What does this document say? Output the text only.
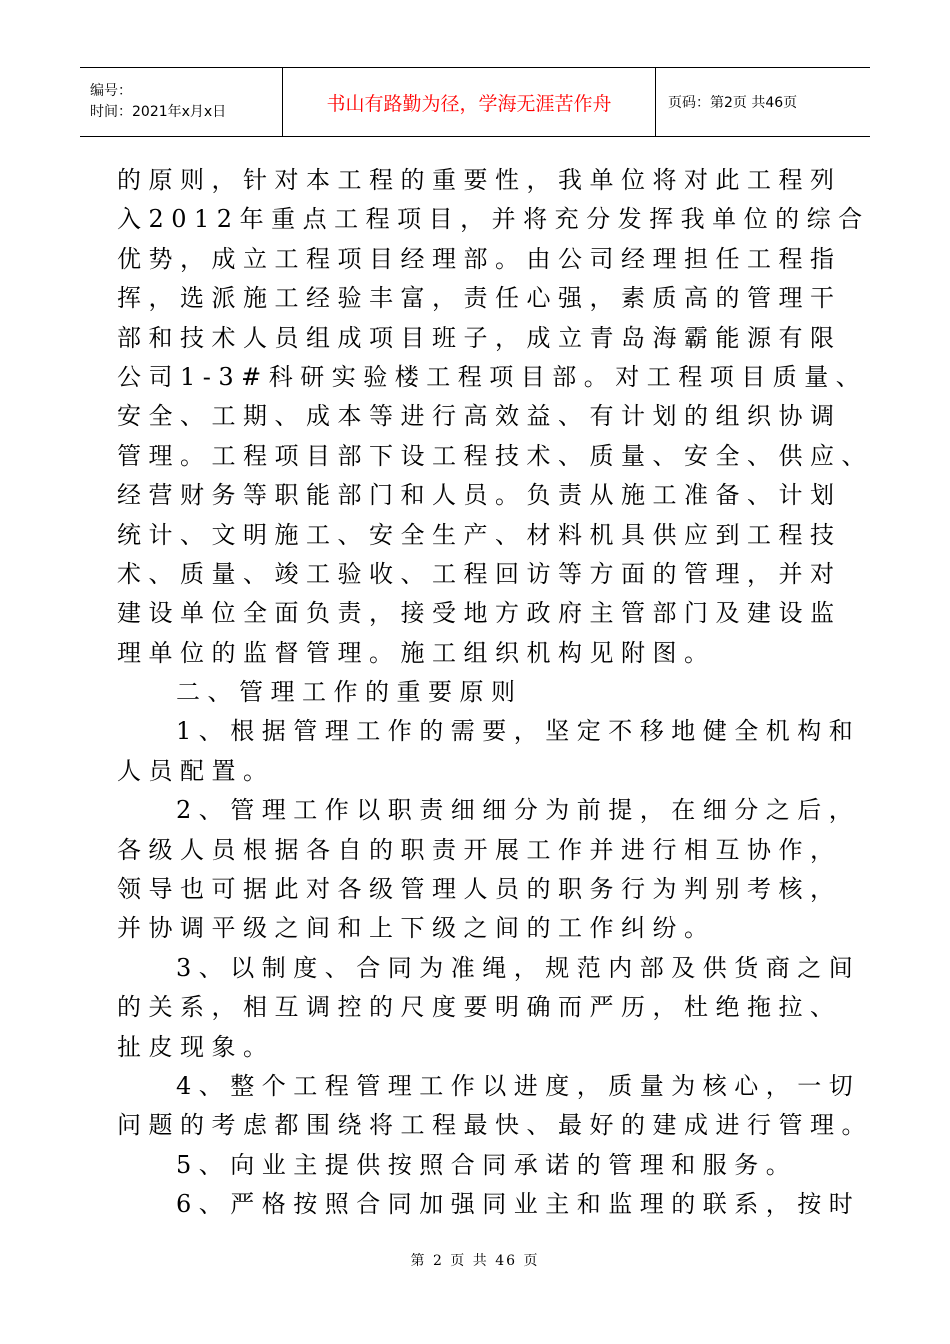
编号：
时间：2021年x月x日	书山有路勤为径，学海无涯苦作舟	页码：第2页 共46页
的原则，针对本工程的重要性，我单位将对此工程列
入2012年重点工程项目，并将充分发挥我单位的综合
优势，成立工程项目经理部。由公司经理担任工程指
挥，选派施工经验丰富，责任心强，素质高的管理干
部和技术人员组成项目班子，成立青岛海霸能源有限
公司1-3#科研实验楼工程项目部。对工程项目质量、
安全、工期、成本等进行高效益、有计划的组织协调
管理。工程项目部下设工程技术、质量、安全、供应、
经营财务等职能部门和人员。负责从施工准备、计划
统计、文明施工、安全生产、材料机具供应到工程技
术、质量、竣工验收、工程回访等方面的管理，并对
建设单位全面负责，接受地方政府主管部门及建设监
理单位的监督管理。施工组织机构见附图。
二、管理工作的重要原则
1、根据管理工作的需要，坚定不移地健全机构和
人员配置。
2、管理工作以职责细细分为前提，在细分之后，
各级人员根据各自的职责开展工作并进行相互协作，
领导也可据此对各级管理人员的职务行为判别考核，
并协调平级之间和上下级之间的工作纠纷。
3、以制度、合同为准绳，规范内部及供货商之间
的关系，相互调控的尺度要明确而严历，杜绝拖拉、
扯皮现象。
4、整个工程管理工作以进度，质量为核心，一切
问题的考虑都围绕将工程最快、最好的建成进行管理。
5、向业主提供按照合同承诺的管理和服务。
6、严格按照合同加强同业主和监理的联系，按时
第 2 页 共 46 页
